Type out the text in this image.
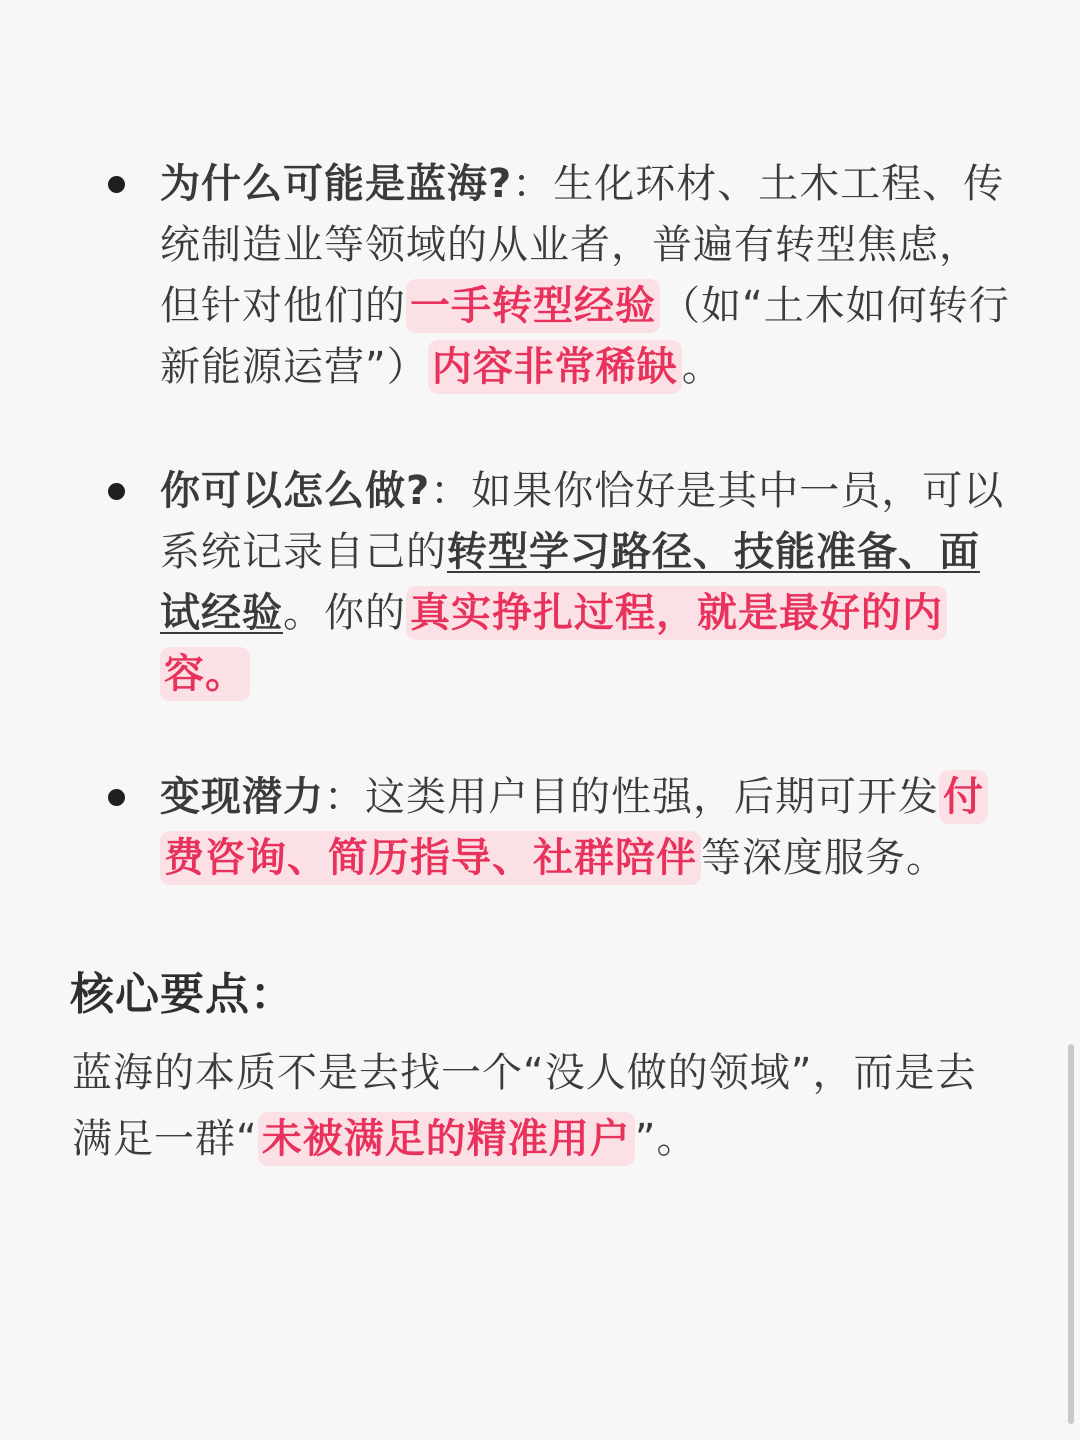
为什么可能是蓝海?：生化环材、土木工程、传统制造业等领域的从业者，普遍有转型焦虑，但针对他们的 一手转型经验 （如“土木如何转行新能源运营”） 内容非常稀缺 。
你可以怎么做?：如果你恰好是其中一员，可以系统记录自己的转型学习路径、技能准备、面试经验。你的 真实挣扎过程，就是最好的内容。
变现潜力：这类用户目的性强，后期可开发 付费咨询、简历指导、社群陪伴 等深度服务。
核心要点：
蓝海的本质不是去找一个“没人做的领域”，而是去满足一群“ 未被满足的精准用户 ”。
